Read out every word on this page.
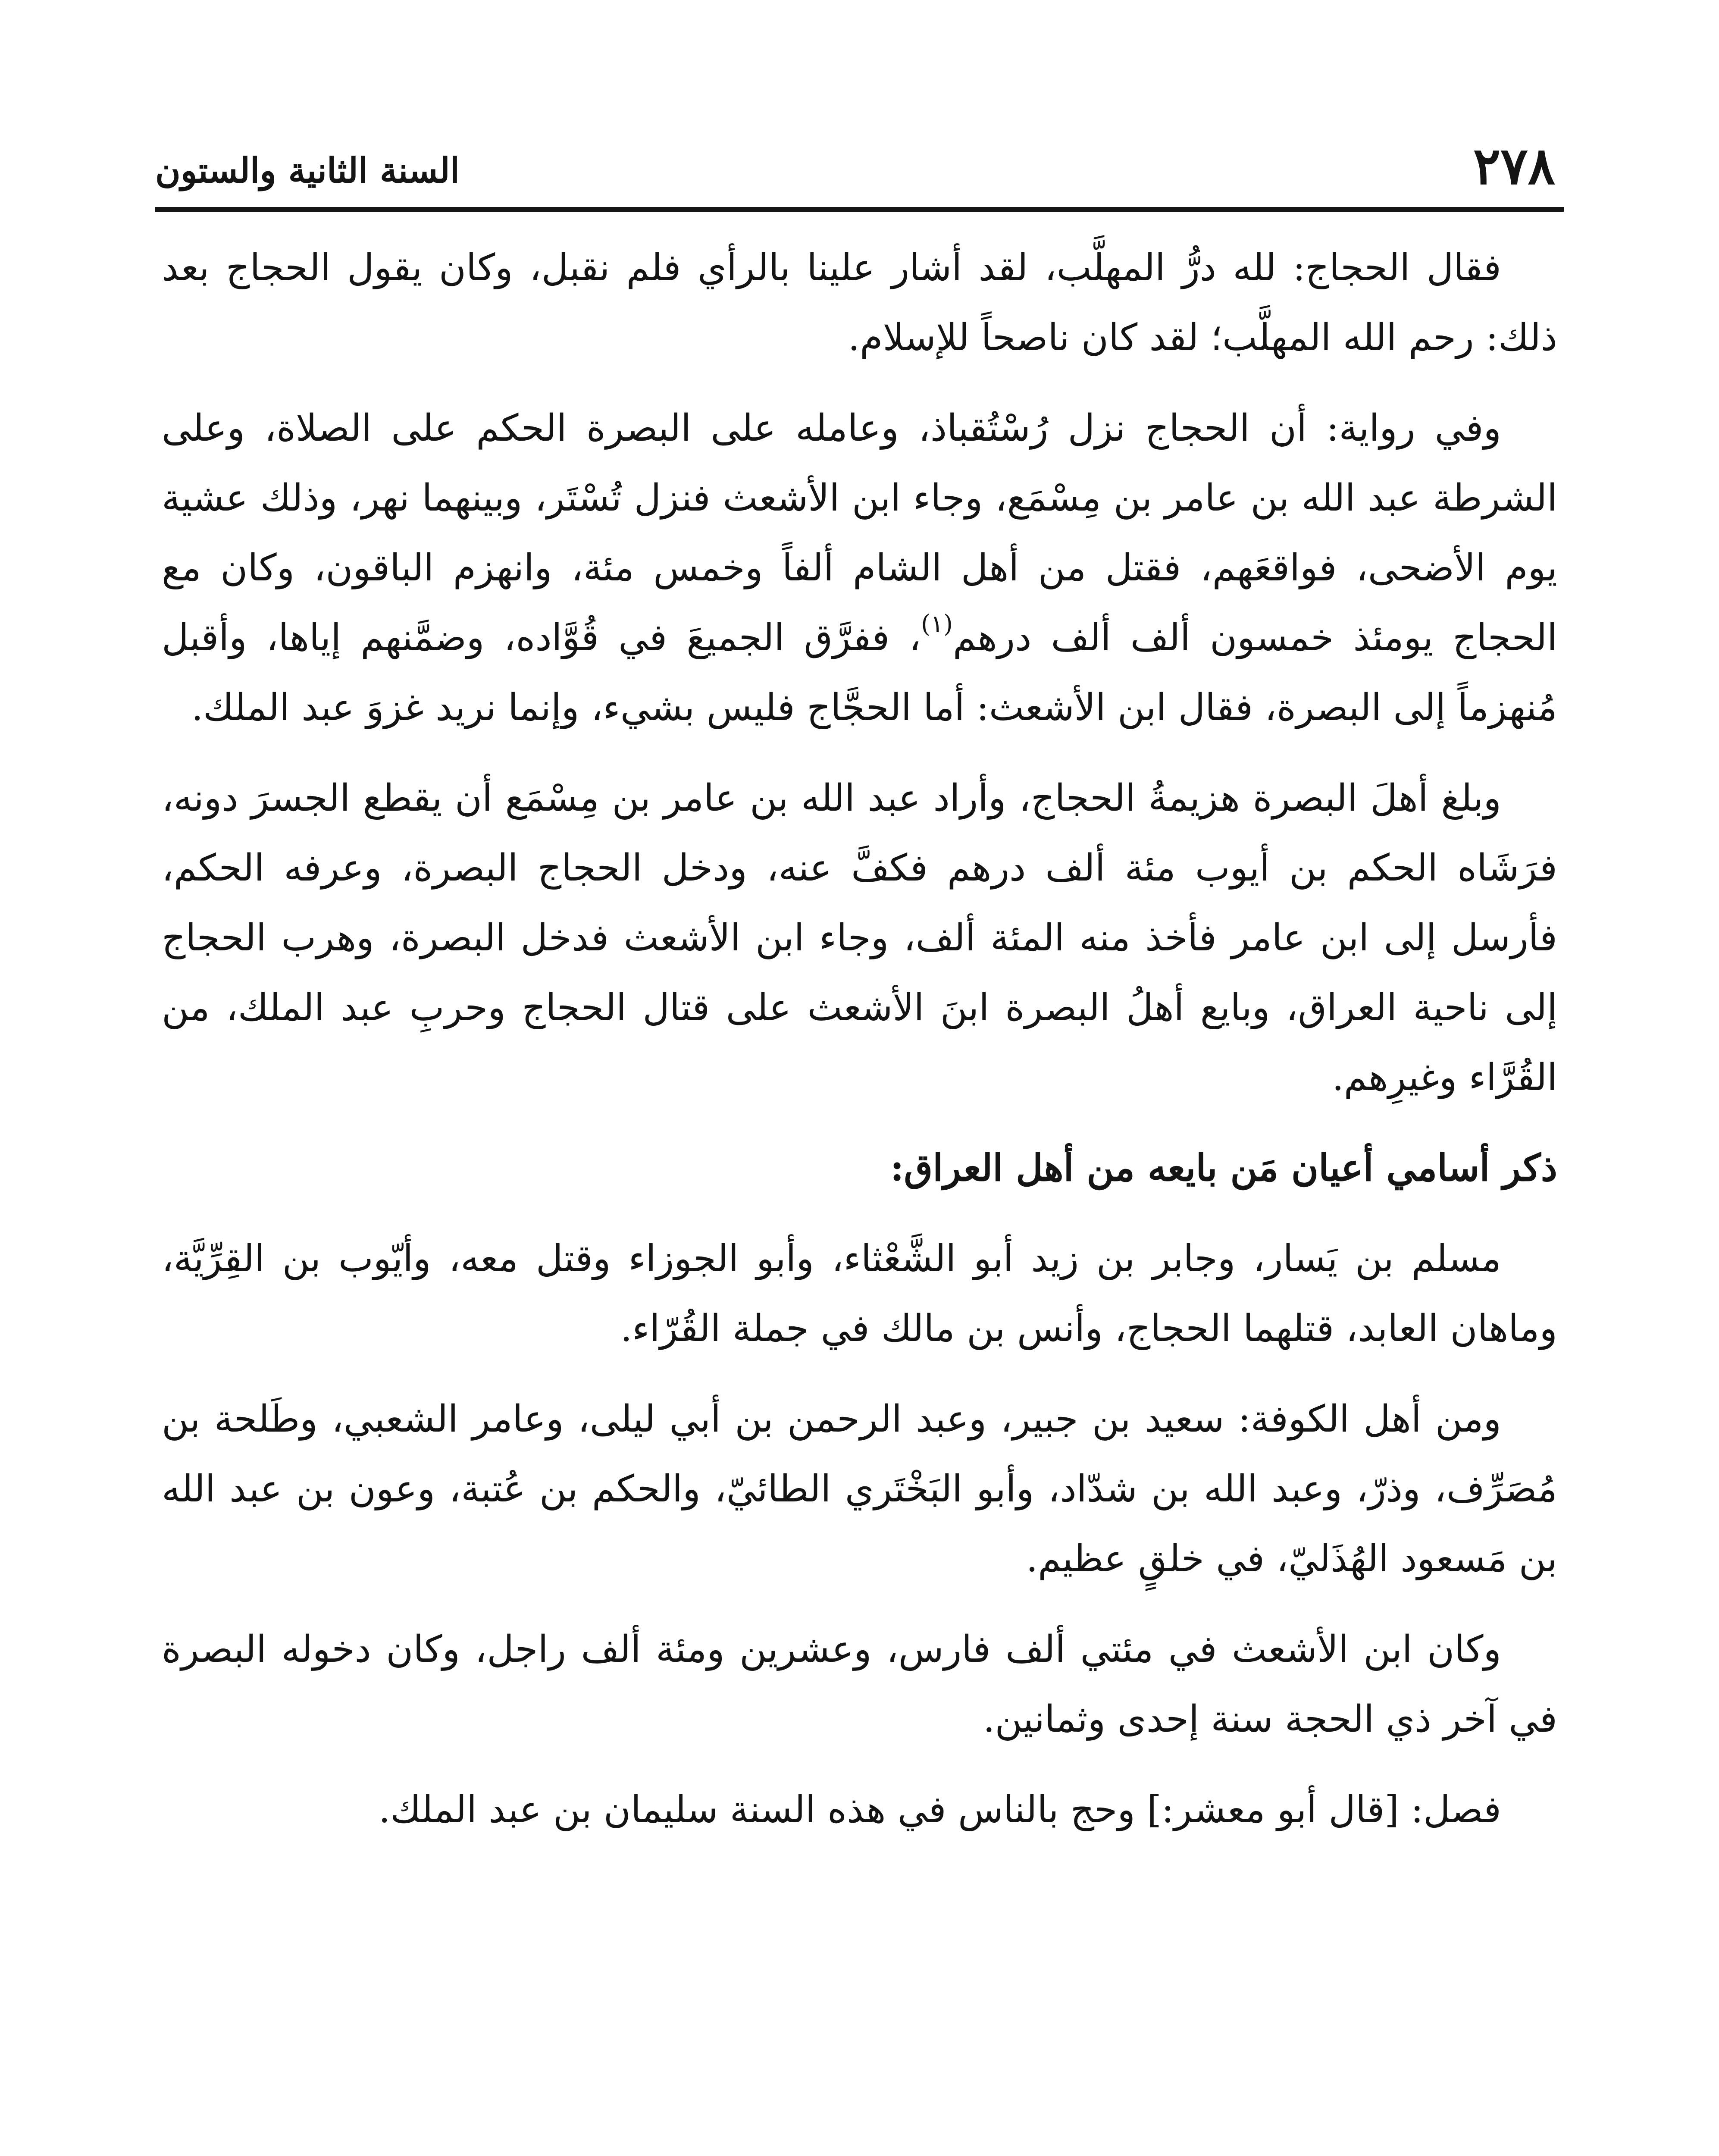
٢٧٨
السنة الثانية والستون

فقال الحجاج: لله درُّ المهلَّب، لقد أشار علينا بالرأي فلم نقبل، وكان يقول الحجاج بعد ذلك: رحم الله المهلَّب؛ لقد كان ناصحاً للإسلام.

وفي رواية: أن الحجاج نزل رُسْتُقباذ، وعامله على البصرة الحكم على الصلاة، وعلى الشرطة عبد الله بن عامر بن مِسْمَع، وجاء ابن الأشعث فنزل تُسْتَر، وبينهما نهر، وذلك عشية يوم الأضحى، فواقعَهم، فقتل من أهل الشام ألفاً وخمس مئة، وانهزم الباقون، وكان مع الحجاج يومئذ خمسون ألف ألف درهم$^{(١)}$، ففرَّق الجميعَ في قُوَّاده، وضمَّنهم إياها، وأقبل مُنهزماً إلى البصرة، فقال ابن الأشعث: أما الحجَّاج فليس بشيء، وإنما نريد غزوَ عبد الملك.

وبلغ أهلَ البصرة هزيمةُ الحجاج، وأراد عبد الله بن عامر بن مِسْمَع أن يقطع الجسرَ دونه، فرَشَاه الحكم بن أيوب مئة ألف درهم فكفَّ عنه، ودخل الحجاج البصرة، وعرفه الحكم، فأرسل إلى ابن عامر فأخذ منه المئة ألف، وجاء ابن الأشعث فدخل البصرة، وهرب الحجاج إلى ناحية العراق، وبايع أهلُ البصرة ابنَ الأشعث على قتال الحجاج وحربِ عبد الملك، من القُرَّاء وغيرِهم.

ذكر أسامي أعيان مَن بايعه من أهل العراق:

مسلم بن يَسار، وجابر بن زيد أبو الشَّعْثاء، وأبو الجوزاء وقتل معه، وأيّوب بن القِرِّيَّة، وماهان العابد، قتلهما الحجاج، وأنس بن مالك في جملة القُرّاء.

ومن أهل الكوفة: سعيد بن جبير، وعبد الرحمن بن أبي ليلى، وعامر الشعبي، وطَلحة بن مُصَرِّف، وذرّ، وعبد الله بن شدّاد، وأبو البَخْتَري الطائيّ، والحكم بن عُتبة، وعون بن عبد الله بن مَسعود الهُذَليّ، في خلقٍ عظيم.

وكان ابن الأشعث في مئتي ألف فارس، وعشرين ومئة ألف راجل، وكان دخوله البصرة في آخر ذي الحجة سنة إحدى وثمانين.

فصل: [قال أبو معشر:] وحج بالناس في هذه السنة سليمان بن عبد الملك.
